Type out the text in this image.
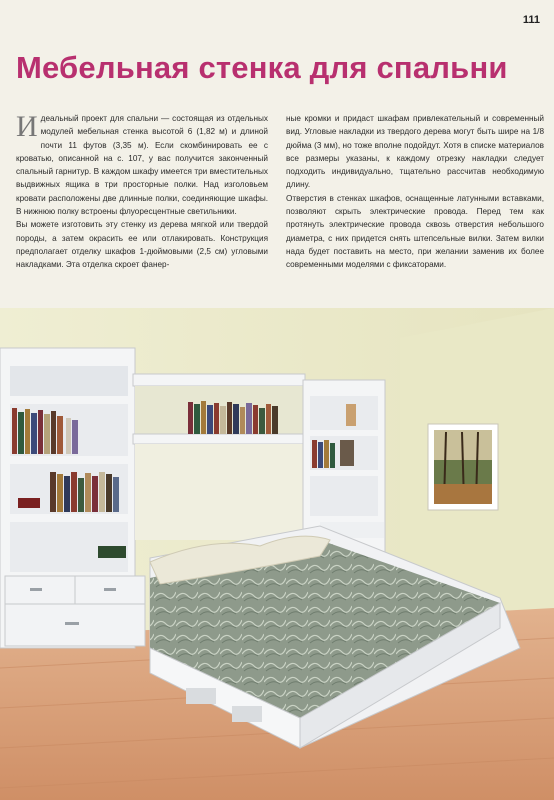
111
Мебельная стенка для спальни

Идеальный проект для спальни — состоящая из отдельных модулей мебельная стенка высотой 6 (1,82 м) и длиной почти 11 футов (3,35 м). Если скомбинировать ее с кроватью, описанной на с. 107, у вас получится законченный спальный гарнитур. В каждом шкафу имеется три вместительных выдвижных ящика в три просторные полки. Над изголовьем кровати расположены две длинные полки, соединяющие шкафы. В нижнюю полку встроены флуоресцентные светильники.

Вы можете изготовить эту стенку из дерева мягкой или твердой породы, а затем окрасить ее или отлакировать. Конструкция предполагает отделку шкафов 1-дюймовыми (2,5 см) угловыми накладками. Эта отделка скроет фанер-

ные кромки и придаст шкафам привлекательный и современный вид. Угловые накладки из твердого дерева могут быть шире на 1/8 дюйма (3 мм), но тоже вполне подойдут. Хотя в списке материалов все размеры указаны, к каждому отрезку накладки следует подходить индивидуально, тщательно рассчитав необходимую длину.

Отверстия в стенках шкафов, оснащенные латунными вставками, позволяют скрыть электрические провода. Перед тем как протянуть электрические провода сквозь отверстия небольшого диаметра, с них придется снять штепсельные вилки. Затем вилки нада будет поставить на место, при желании заменив их более современными моделями с фиксаторами.
